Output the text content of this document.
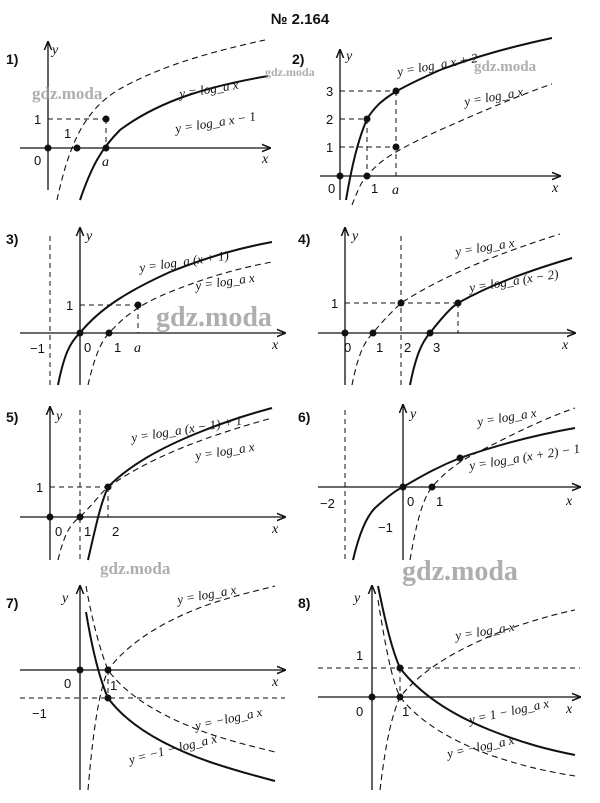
№ 2.164
1)
y
x
0
1
1
a
y = log_a x
y = log_a x − 1
2)	y
x
0	1
1
2
3
a
y = log_a x + 2
y = log_a x
3)	y
x
−1	0 1
1
a
y = log_a (x + 1)
y = log_a x
4)	y
x
0 1
1
2 3
y = log_a x
y = log_a (x − 2)
5)	y
x
0 1
1
2
y = log_a (x − 1) + 1
y = log_a x
6)	y
x
−2	0 1
−1
y = log_a x
y = log_a (x + 2) − 1
7)	y
x
0	1
−1
y = log_a x
y = −log_a x
y = −1 − log_a x
8)	y
x
0
1
1
y = log_a x
y = 1 − log_a x
y = −log_a x
gdz.moda
gdz.moda	gdz.moda
gdz.moda
gdz.moda	gdz.moda
